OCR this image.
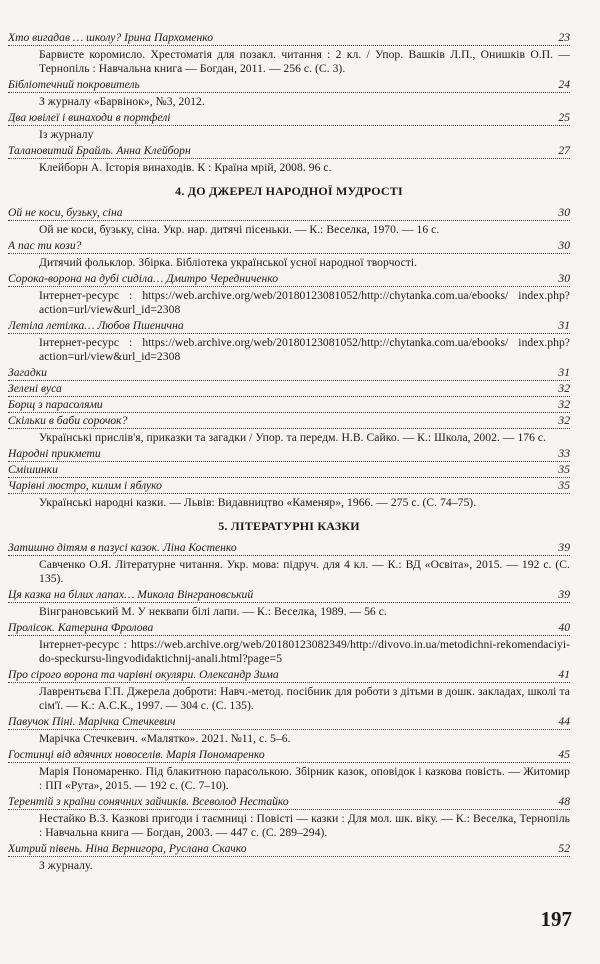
Хто вигадав … школу? Ірина Пархоменко	23

Барвисте коромисло. Хрестоматія для позакл. читання : 2 кл. / Упор. Вашків Л.П., Онишків О.П. — Тернопіль : Навчальна книга — Богдан, 2011. — 256 с. (С. 3).

Бібліотечний покровитель	24

З журналу «Барвінок», №3, 2012.

Два ювілеї і винаходи в портфелі	25

Із журналу

Талановитий Брайль. Анна Клейборн	27

Клейборн А. Історія винаходів. К : Країна мрій, 2008. 96 с.

4. ДО ДЖЕРЕЛ НАРОДНОЇ МУДРОСТІ
Ой не коси, бузьку, сіна	30

Ой не коси, бузьку, сіна. Укр. нар. дитячі пісеньки. — К.: Веселка, 1970. — 16 с.

А пас ти кози?	30

Дитячий фольклор. Збірка. Бібліотека української усної народної творчості.

Сорока-ворона на дубі сиділа… Дмитро Чередниченко	30

Інтернет-ресурс : https://web.archive.org/web/20180123081052/http://chytanka.com.ua/ebooks/ index.php?action=url/view&url_id=2308

Летіла летілка… Любов Пшенична	31

Інтернет-ресурс : https://web.archive.org/web/20180123081052/http://chytanka.com.ua/ebooks/ index.php?action=url/view&url_id=2308

Загадки	31
Зелені вуса	32
Борщ з парасолями	32
Скільки в баби сорочок?	32

Українські прислів'я, приказки та загадки / Упор. та передм. Н.В. Сайко. — К.: Школа, 2002. — 176 с.

Народні прикмети	33
Смішинки	35
Чарівні люстро, килим і яблуко	35

Українські народні казки. — Львів: Видавництво «Каменяр», 1966. — 275 с. (С. 74–75).

5. ЛІТЕРАТУРНІ КАЗКИ
Затишно дітям в пазусі казок. Ліна Костенко	39

Савченко О.Я. Літературне читання. Укр. мова: підруч. для 4 кл. — К.: ВД «Освіта», 2015. — 192 с. (С. 135).

Ця казка на білих лапах… Микола Вінграновський	39

Вінграновський М. У неквапи білі лапи. — К.: Веселка, 1989. — 56 с.

Пролісок. Катерина Фролова	40

Інтернет-ресурс : https://web.archive.org/web/20180123082349/http://divovo.in.ua/metodichni-rekomendaciyi-do-speckursu-lingvodidaktichnij-anali.html?page=5

Про сірого ворона та чарівні окуляри. Олександр Зима	41

Лаврентьєва Г.П. Джерела доброти: Навч.-метод. посібник для роботи з дітьми в дошк. закладах, школі та сім'ї. — К.: А.С.К., 1997. — 304 с. (С. 135).

Павучок Піні. Марічка Стечкевич	44

Марічка Стечкевич. «Малятко». 2021. №11, с. 5–6.

Гостинці від вдячних новоселів. Марія Пономаренко	45

Марія Пономаренко. Під блакитною парасолькою. Збірник казок, оповідок і казкова повість. — Житомир : ПП «Рута», 2015. — 192 с. (С. 7–10).

Терентій з країни сонячних зайчиків. Всеволод Нестайко	48

Нестайко В.З. Казкові пригоди і таємниці : Повісті — казки : Для мол. шк. віку. — К.: Веселка, Тернопіль : Навчальна книга — Богдан, 2003. — 447 с. (С. 289–294).

Хитрий півень. Ніна Вернигора, Руслана Скачко	52

З журналу.

197
